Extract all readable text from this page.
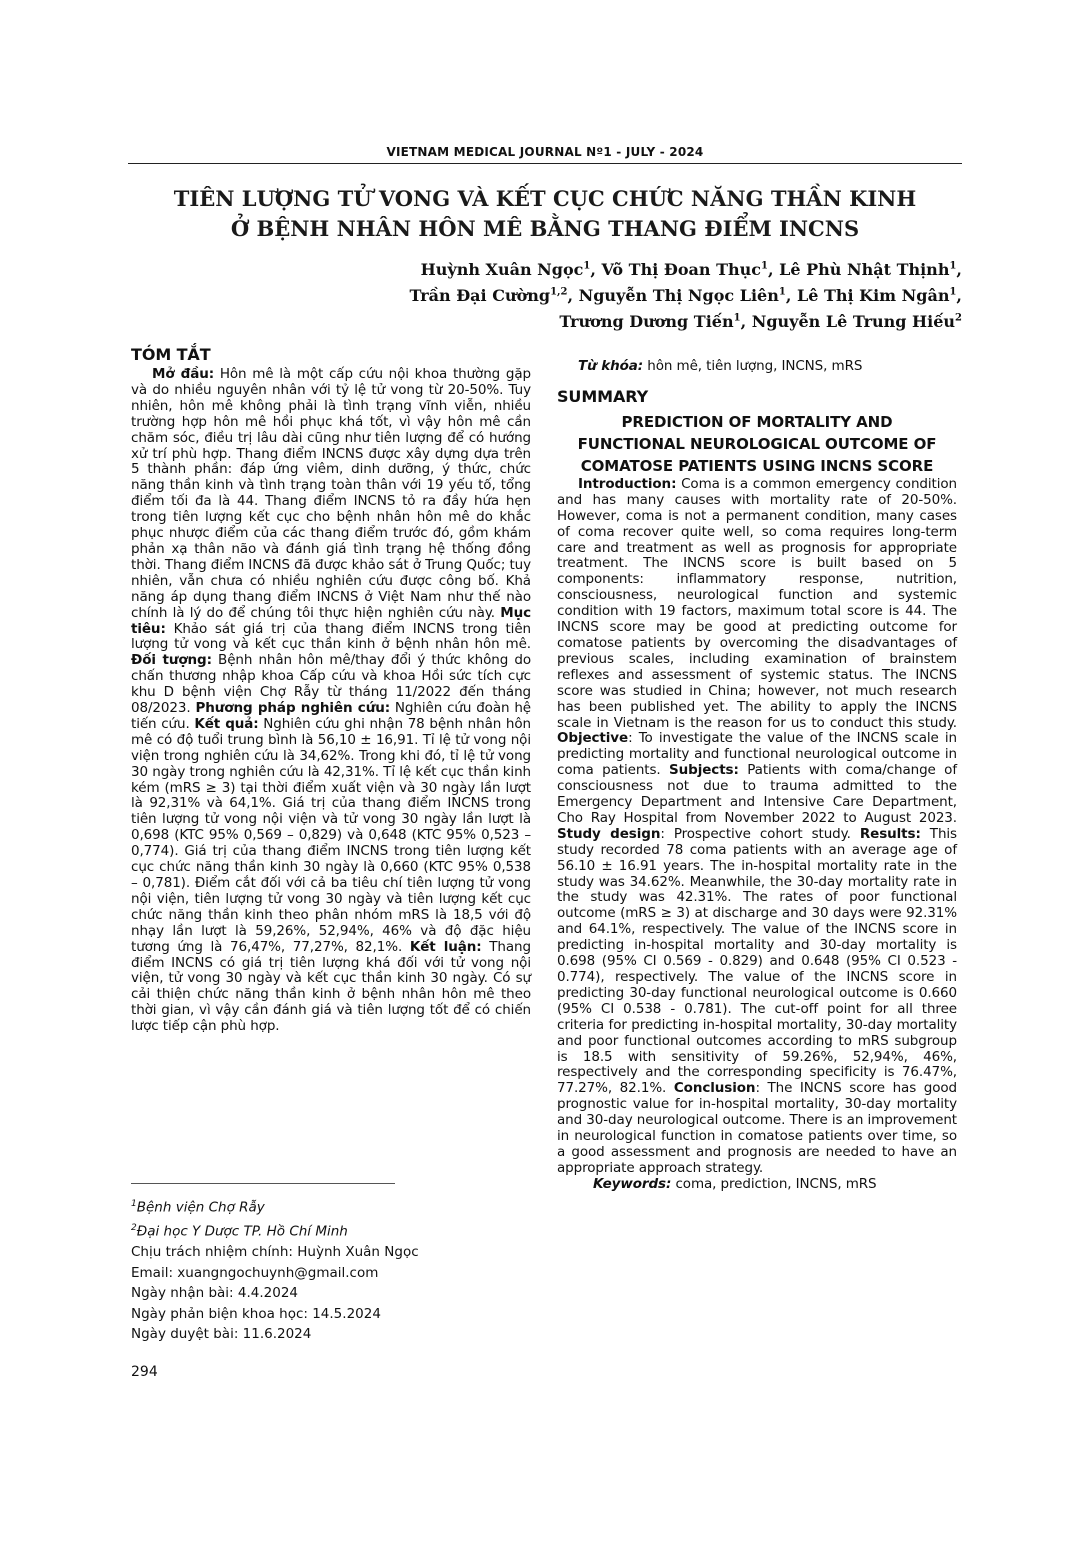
VIETNAM MEDICAL JOURNAL Nº1 - JULY - 2024
TIÊN LƯỢNG TỬ VONG VÀ KẾT CỤC CHỨC NĂNG THẦN KINH
Ở BỆNH NHÂN HÔN MÊ BẰNG THANG ĐIỂM INCNS
Huỳnh Xuân Ngọc$^1$, Võ Thị Đoan Thục$^1$, Lê Phù Nhật Thịnh$^1$,
Trần Đại Cường$^{1,2}$, Nguyễn Thị Ngọc Liên$^1$, Lê Thị Kim Ngân$^1$,
Trương Dương Tiến$^1$, Nguyễn Lê Trung Hiếu$^2$
TÓM TẮT

Mở đầu: Hôn mê là một cấp cứu nội khoa thường gặp và do nhiều nguyên nhân với tỷ lệ tử vong từ 20-50%. Tuy nhiên, hôn mê không phải là tình trạng vĩnh viễn, nhiều trường hợp hôn mê hồi phục khá tốt, vì vậy hôn mê cần chăm sóc, điều trị lâu dài cũng như tiên lượng để có hướng xử trí phù hợp. Thang điểm INCNS được xây dựng dựa trên 5 thành phần: đáp ứng viêm, dinh dưỡng, ý thức, chức năng thần kinh và tình trạng toàn thân với 19 yếu tố, tổng điểm tối đa là 44. Thang điểm INCNS tỏ ra đầy hứa hẹn trong tiên lượng kết cục cho bệnh nhân hôn mê do khắc phục nhược điểm của các thang điểm trước đó, gồm khám phản xạ thân não và đánh giá tình trạng hệ thống đồng thời. Thang điểm INCNS đã được khảo sát ở Trung Quốc; tuy nhiên, vẫn chưa có nhiều nghiên cứu được công bố. Khả năng áp dụng thang điểm INCNS ở Việt Nam như thế nào chính là lý do để chúng tôi thực hiện nghiên cứu này. Mục tiêu: Khảo sát giá trị của thang điểm INCNS trong tiên lượng tử vong và kết cục thần kinh ở bệnh nhân hôn mê. Đối tượng: Bệnh nhân hôn mê/thay đổi ý thức không do chấn thương nhập khoa Cấp cứu và khoa Hồi sức tích cực khu D bệnh viện Chợ Rẫy từ tháng 11/2022 đến tháng 08/2023. Phương pháp nghiên cứu: Nghiên cứu đoàn hệ tiến cứu. Kết quả: Nghiên cứu ghi nhận 78 bệnh nhân hôn mê có độ tuổi trung bình là 56,10 ± 16,91. Tỉ lệ tử vong nội viện trong nghiên cứu là 34,62%. Trong khi đó, tỉ lệ tử vong 30 ngày trong nghiên cứu là 42,31%. Tỉ lệ kết cục thần kinh kém (mRS ≥ 3) tại thời điểm xuất viện và 30 ngày lần lượt là 92,31% và 64,1%. Giá trị của thang điểm INCNS trong tiên lượng tử vong nội viện và tử vong 30 ngày lần lượt là 0,698 (KTC 95% 0,569 – 0,829) và 0,648 (KTC 95% 0,523 – 0,774). Giá trị của thang điểm INCNS trong tiên lượng kết cục chức năng thần kinh 30 ngày là 0,660 (KTC 95% 0,538 – 0,781). Điểm cắt đối với cả ba tiêu chí tiên lượng tử vong nội viện, tiên lượng tử vong 30 ngày và tiên lượng kết cục chức năng thần kinh theo phân nhóm mRS là 18,5 với độ nhạy lần lượt là 59,26%, 52,94%, 46% và độ đặc hiệu tương ứng là 76,47%, 77,27%, 82,1%. Kết luận: Thang điểm INCNS có giá trị tiên lượng khá đối với tử vong nội viện, tử vong 30 ngày và kết cục thần kinh 30 ngày. Có sự cải thiện chức năng thần kinh ở bệnh nhân hôn mê theo thời gian, vì vậy cần đánh giá và tiên lượng tốt để có chiến lược tiếp cận phù hợp.

Từ khóa: hôn mê, tiên lượng, INCNS, mRS

SUMMARY
PREDICTION OF MORTALITY AND
FUNCTIONAL NEUROLOGICAL OUTCOME OF
COMATOSE PATIENTS USING INCNS SCORE

Introduction: Coma is a common emergency condition and has many causes with mortality rate of 20-50%. However, coma is not a permanent condition, many cases of coma recover quite well, so coma requires long-term care and treatment as well as prognosis for appropriate treatment. The INCNS score is built based on 5 components: inflammatory response, nutrition, consciousness, neurological function and systemic condition with 19 factors, maximum total score is 44. The INCNS score may be good at predicting outcome for comatose patients by overcoming the disadvantages of previous scales, including examination of brainstem reflexes and assessment of systemic status. The INCNS score was studied in China; however, not much research has been published yet. The ability to apply the INCNS scale in Vietnam is the reason for us to conduct this study. Objective: To investigate the value of the INCNS scale in predicting mortality and functional neurological outcome in coma patients. Subjects: Patients with coma/change of consciousness not due to trauma admitted to the Emergency Department and Intensive Care Department, Cho Ray Hospital from November 2022 to August 2023. Study design: Prospective cohort study. Results: This study recorded 78 coma patients with an average age of 56.10 ± 16.91 years. The in-hospital mortality rate in the study was 34.62%. Meanwhile, the 30-day mortality rate in the study was 42.31%. The rates of poor functional outcome (mRS ≥ 3) at discharge and 30 days were 92.31% and 64.1%, respectively. The value of the INCNS score in predicting in-hospital mortality and 30-day mortality is 0.698 (95% CI 0.569 - 0.829) and 0.648 (95% CI 0.523 - 0.774), respectively. The value of the INCNS score in predicting 30-day functional neurological outcome is 0.660 (95% CI 0.538 - 0.781). The cut-off point for all three criteria for predicting in-hospital mortality, 30-day mortality and poor functional outcomes according to mRS subgroup is 18.5 with sensitivity of 59.26%, 52,94%, 46%, respectively and the corresponding specificity is 76.47%, 77.27%, 82.1%. Conclusion: The INCNS score has good prognostic value for in-hospital mortality, 30-day mortality and 30-day neurological outcome. There is an improvement in neurological function in comatose patients over time, so a good assessment and prognosis are needed to have an appropriate approach strategy.

Keywords: coma, prediction, INCNS, mRS

$^1$Bệnh viện Chợ Rẫy
$^2$Đại học Y Dược TP. Hồ Chí Minh
Chịu trách nhiệm chính: Huỳnh Xuân Ngọc
Email: xuangngochuynh@gmail.com
Ngày nhận bài: 4.4.2024
Ngày phản biện khoa học: 14.5.2024
Ngày duyệt bài: 11.6.2024
294
